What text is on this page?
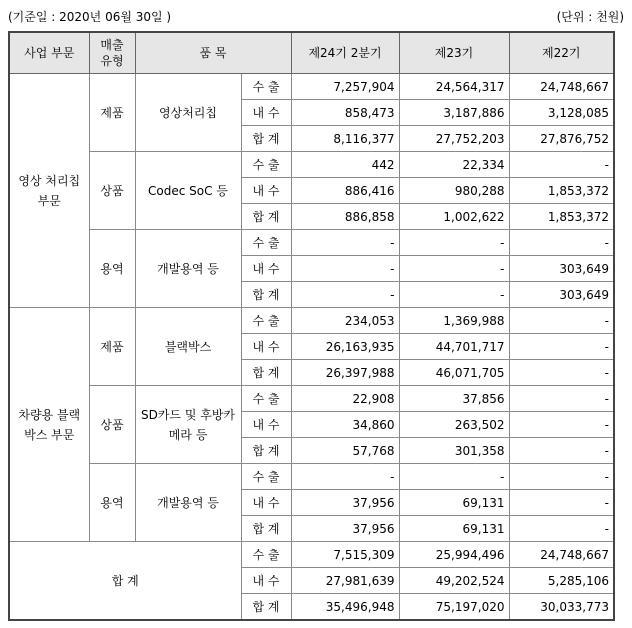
(기준일 : 2020년 06월 30일 )	(단위 : 천원)
사업 부문	매출 유형	품 목		제24기 2분기	제23기	제22기
영상 처리칩부문	제품	영상처리칩	수 출	7,257,904	24,564,317	24,748,667
			내 수	858,473	3,187,886	3,128,085
			합 계	8,116,377	27,752,203	27,876,752
	상품	Codec SoC 등	수 출	442	22,334	-
			내 수	886,416	980,288	1,853,372
			합 계	886,858	1,002,622	1,853,372
	용역	개발용역 등	수 출	-	-	-
			내 수	-	-	303,649
			합 계	-	-	303,649
차량용 블랙박스 부문	제품	블랙박스	수 출	234,053	1,369,988	-
			내 수	26,163,935	44,701,717	-
			합 계	26,397,988	46,071,705	-
	상품	SD카드 및 후방카메라 등	수 출	22,908	37,856	-
			내 수	34,860	263,502	-
			합 계	57,768	301,358	-
	용역	개발용역 등	수 출	-	-	-
			내 수	37,956	69,131	-
			합 계	37,956	69,131	-
합 계			수 출	7,515,309	25,994,496	24,748,667
			내 수	27,981,639	49,202,524	5,285,106
			합 계	35,496,948	75,197,020	30,033,773
